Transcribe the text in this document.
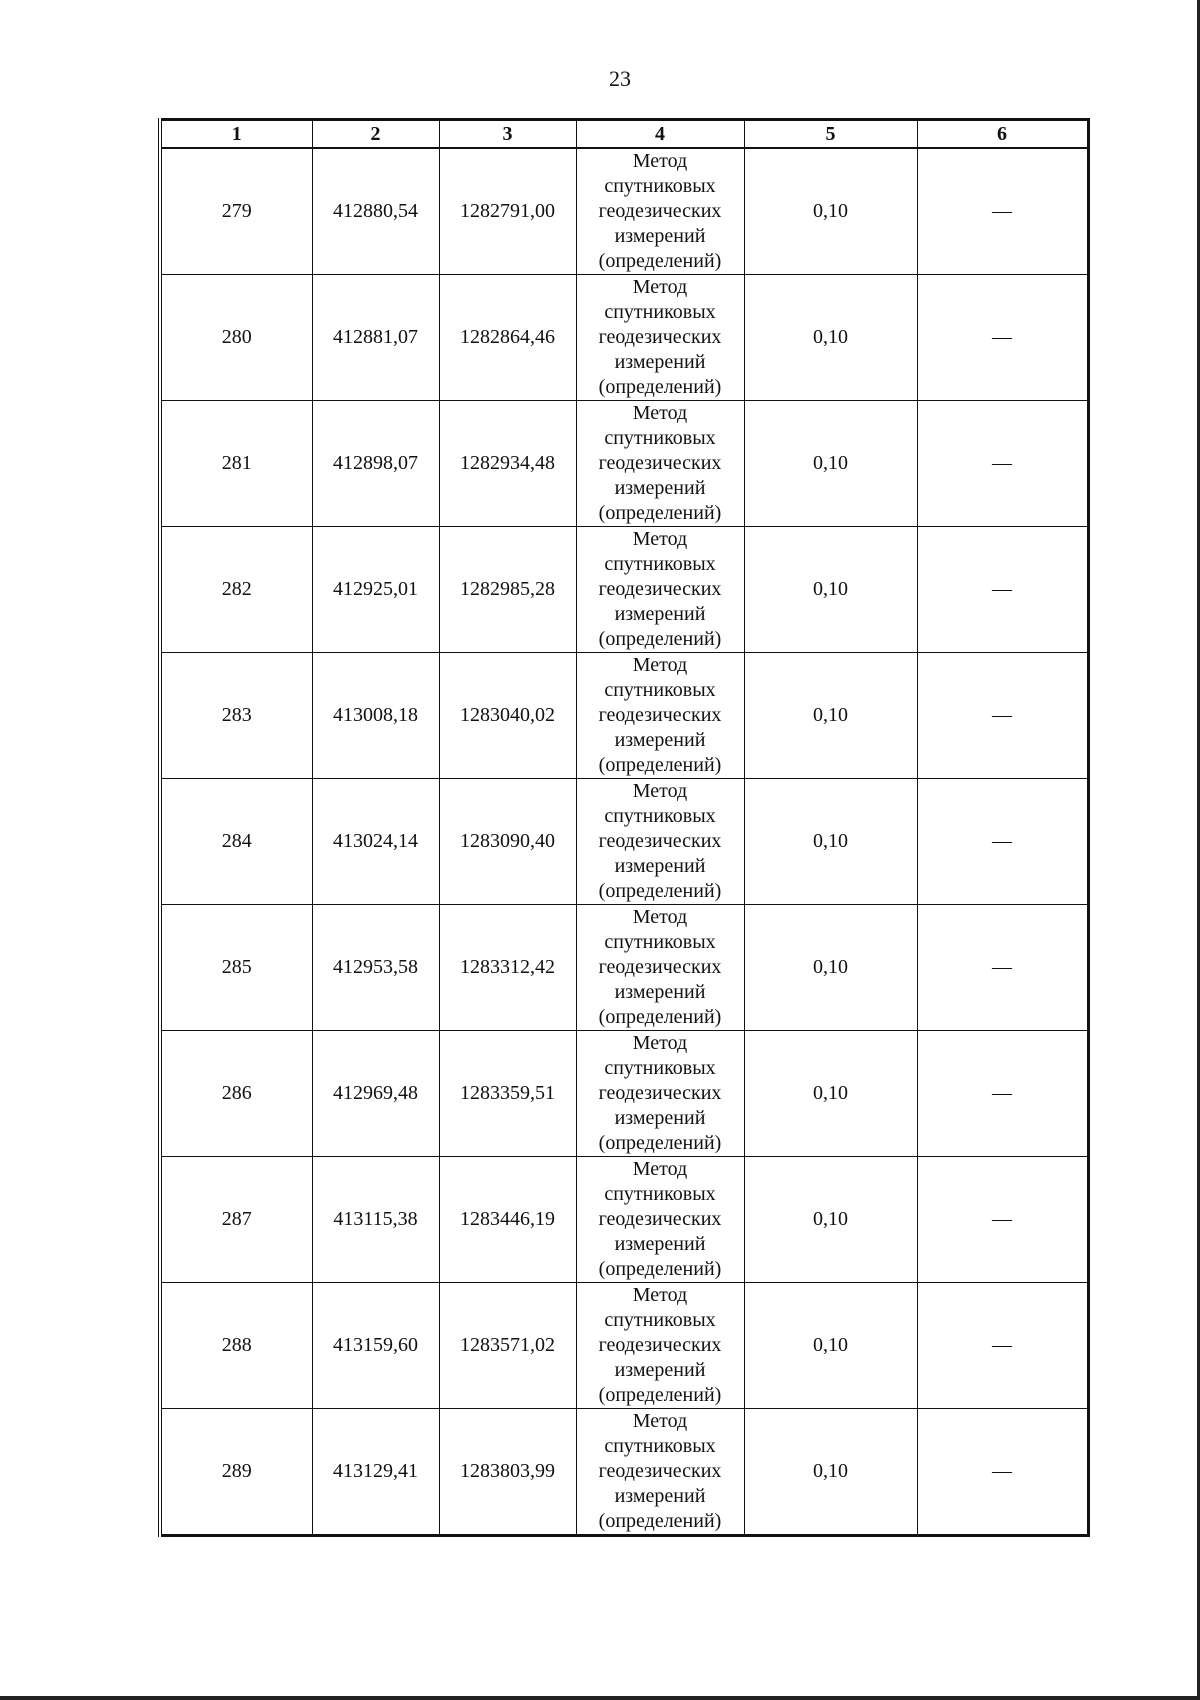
23
1	2	3	4	5	6
279	412880,54	1282791,00	Метод
спутниковых
геодезических
измерений
(определений)	0,10	—
280	412881,07	1282864,46	Метод
спутниковых
геодезических
измерений
(определений)	0,10	—
281	412898,07	1282934,48	Метод
спутниковых
геодезических
измерений
(определений)	0,10	—
282	412925,01	1282985,28	Метод
спутниковых
геодезических
измерений
(определений)	0,10	—
283	413008,18	1283040,02	Метод
спутниковых
геодезических
измерений
(определений)	0,10	—
284	413024,14	1283090,40	Метод
спутниковых
геодезических
измерений
(определений)	0,10	—
285	412953,58	1283312,42	Метод
спутниковых
геодезических
измерений
(определений)	0,10	—
286	412969,48	1283359,51	Метод
спутниковых
геодезических
измерений
(определений)	0,10	—
287	413115,38	1283446,19	Метод
спутниковых
геодезических
измерений
(определений)	0,10	—
288	413159,60	1283571,02	Метод
спутниковых
геодезических
измерений
(определений)	0,10	—
289	413129,41	1283803,99	Метод
спутниковых
геодезических
измерений
(определений)	0,10	—
